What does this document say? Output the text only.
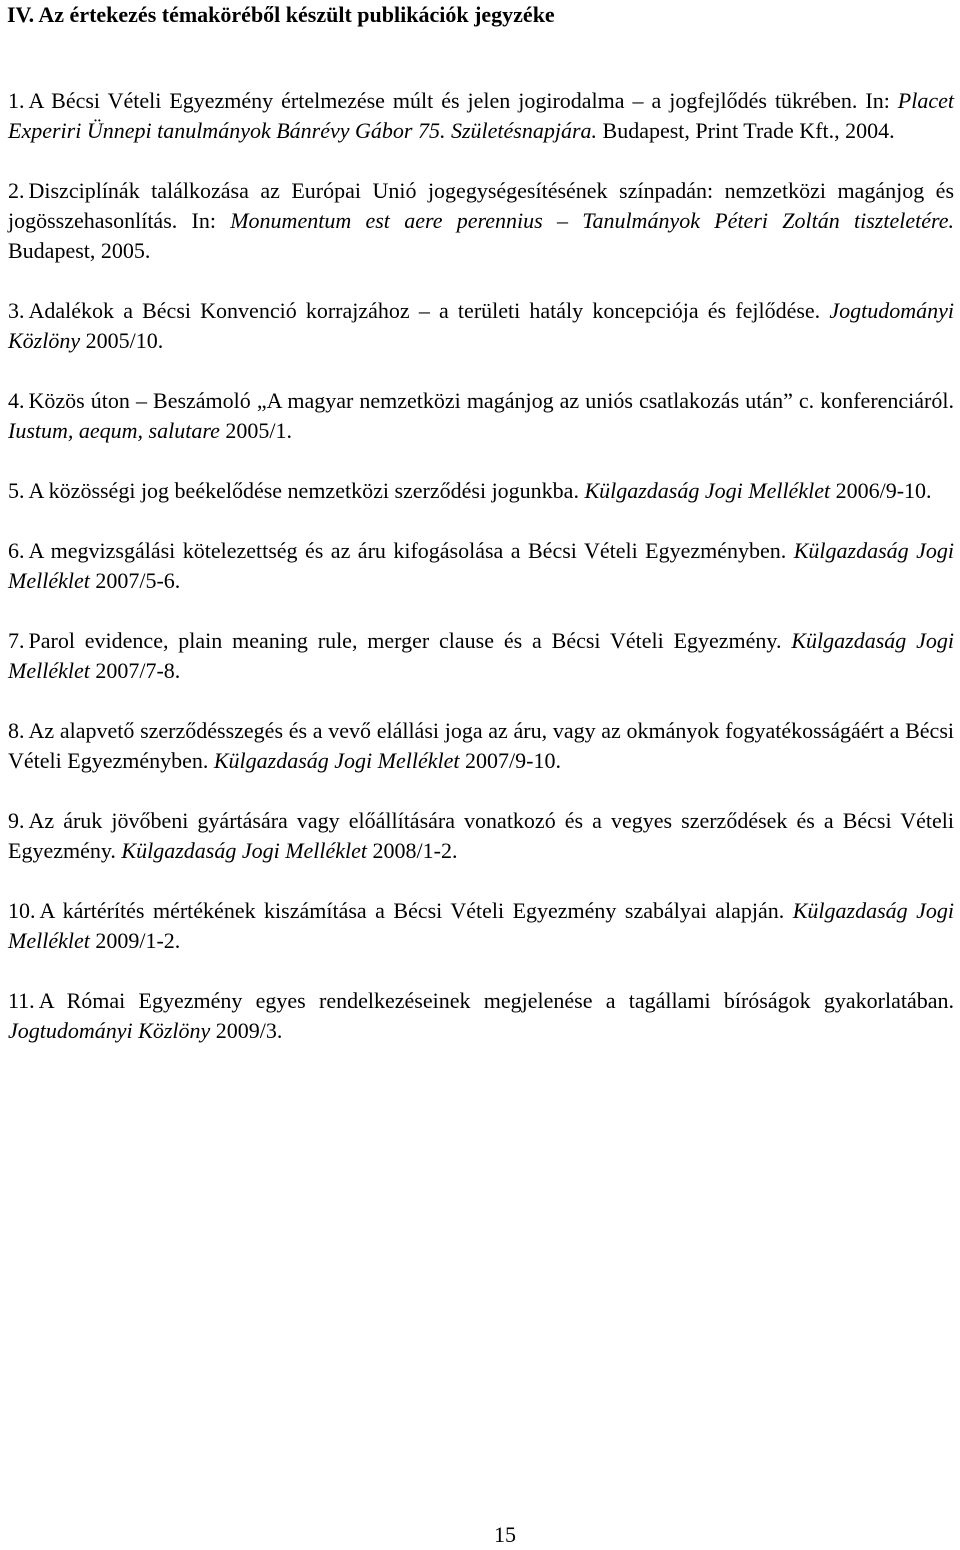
IV. Az értekezés témaköréből készült publikációk jegyzéke
1. A Bécsi Vételi Egyezmény értelmezése múlt és jelen jogirodalma – a jogfejlődés tükrében. In: Placet Experiri Ünnepi tanulmányok Bánrévy Gábor 75. Születésnapjára. Budapest, Print Trade Kft., 2004.
2. Diszciplínák találkozása az Európai Unió jogegységesítésének színpadán: nemzetközi magánjog és jogösszehasonlítás. In: Monumentum est aere perennius – Tanulmányok Péteri Zoltán tiszteletére. Budapest, 2005.
3. Adalékok a Bécsi Konvenció korrajzához – a területi hatály koncepciója és fejlődése. Jogtudományi Közlöny 2005/10.
4. Közös úton – Beszámoló „A magyar nemzetközi magánjog az uniós csatlakozás után” c. konferenciáról. Iustum, aequm, salutare 2005/1.
5. A közösségi jog beékelődése nemzetközi szerződési jogunkba. Külgazdaság Jogi Melléklet 2006/9-10.
6. A megvizsgálási kötelezettség és az áru kifogásolása a Bécsi Vételi Egyezményben. Külgazdaság Jogi Melléklet 2007/5-6.
7. Parol evidence, plain meaning rule, merger clause és a Bécsi Vételi Egyezmény. Külgazdaság Jogi Melléklet 2007/7-8.
8. Az alapvető szerződésszegés és a vevő elállási joga az áru, vagy az okmányok fogyatékosságáért a Bécsi Vételi Egyezményben. Külgazdaság Jogi Melléklet 2007/9-10.
9. Az áruk jövőbeni gyártására vagy előállítására vonatkozó és a vegyes szerződések és a Bécsi Vételi Egyezmény. Külgazdaság Jogi Melléklet 2008/1-2.
10. A kártérítés mértékének kiszámítása a Bécsi Vételi Egyezmény szabályai alapján. Külgazdaság Jogi Melléklet 2009/1-2.
11. A Római Egyezmény egyes rendelkezéseinek megjelenése a tagállami bíróságok gyakorlatában. Jogtudományi Közlöny 2009/3.
15
